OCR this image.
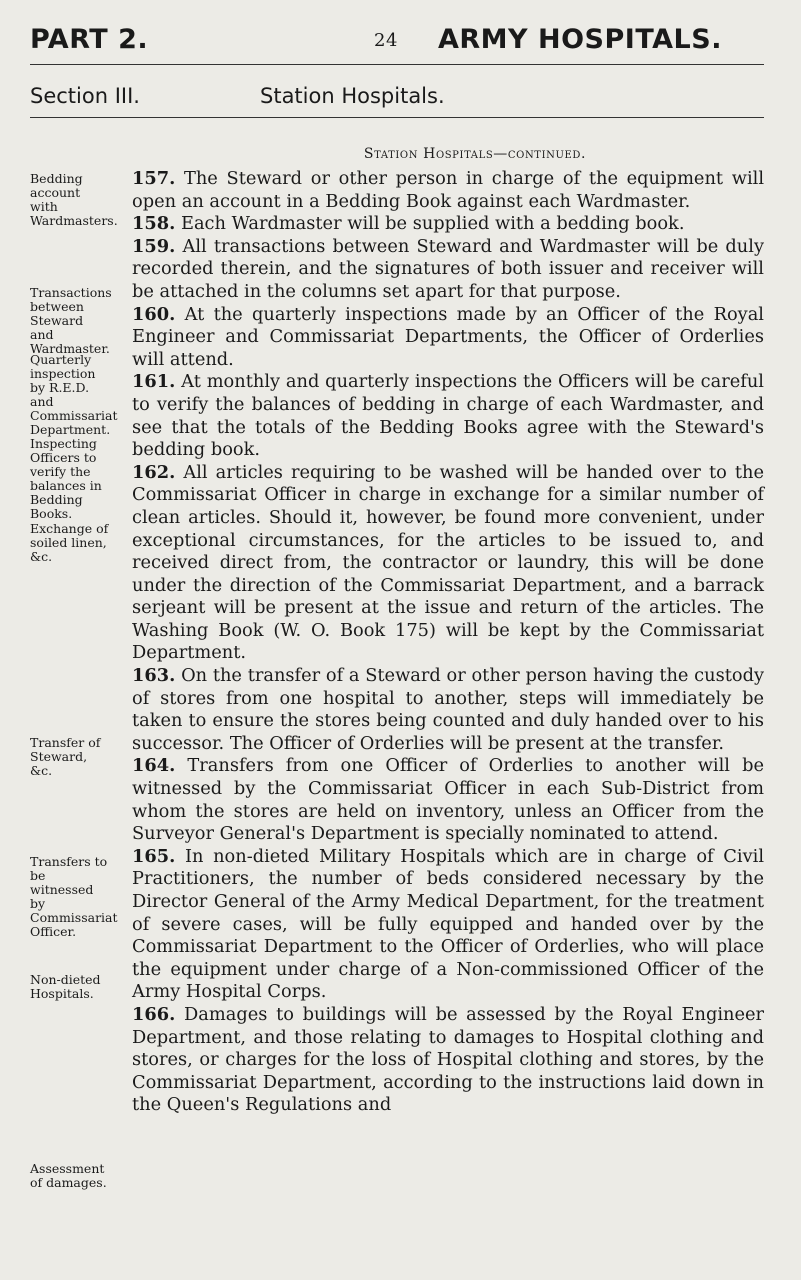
PART 2.	24 ARMY HOSPITALS.
Section III.	Station Hospitals.
Station Hospitals—continued.
Bedding account with Wardmasters.
Transactions between Steward and Wardmaster.
Quarterly inspection by R.E.D. and Commissariat Department.
Inspecting Officers to verify the balances in Bedding Books.
Exchange of soiled linen, &c.
Transfer of Steward, &c.
Transfers to be witnessed by Commissariat Officer.
Non-dieted Hospitals.
Assessment of damages.

157. The Steward or other person in charge of the equipment will open an account in a Bedding Book against each Wardmaster.

158. Each Wardmaster will be supplied with a bedding book.

159. All transactions between Steward and Wardmaster will be duly recorded therein, and the signatures of both issuer and receiver will be attached in the columns set apart for that purpose.

160. At the quarterly inspections made by an Officer of the Royal Engineer and Commissariat Departments, the Officer of Orderlies will attend.

161. At monthly and quarterly inspections the Officers will be careful to verify the balances of bedding in charge of each Wardmaster, and see that the totals of the Bedding Books agree with the Steward's bedding book.

162. All articles requiring to be washed will be handed over to the Commissariat Officer in charge in exchange for a similar number of clean articles. Should it, however, be found more convenient, under exceptional circumstances, for the articles to be issued to, and received direct from, the contractor or laundry, this will be done under the direction of the Commissariat Department, and a barrack serjeant will be present at the issue and return of the articles. The Washing Book (W. O. Book 175) will be kept by the Commissariat Department.

163. On the transfer of a Steward or other person having the custody of stores from one hospital to another, steps will immediately be taken to ensure the stores being counted and duly handed over to his successor. The Officer of Orderlies will be present at the transfer.

164. Transfers from one Officer of Orderlies to another will be witnessed by the Commissariat Officer in each Sub-District from whom the stores are held on inventory, unless an Officer from the Surveyor General's Department is specially nominated to attend.

165. In non-dieted Military Hospitals which are in charge of Civil Practitioners, the number of beds considered necessary by the Director General of the Army Medical Department, for the treatment of severe cases, will be fully equipped and handed over by the Commissariat Department to the Officer of Orderlies, who will place the equipment under charge of a Non-commissioned Officer of the Army Hospital Corps.

166. Damages to buildings will be assessed by the Royal Engineer Department, and those relating to damages to Hospital clothing and stores, or charges for the loss of Hospital clothing and stores, by the Commissariat Department, according to the instructions laid down in the Queen's Regulations and
